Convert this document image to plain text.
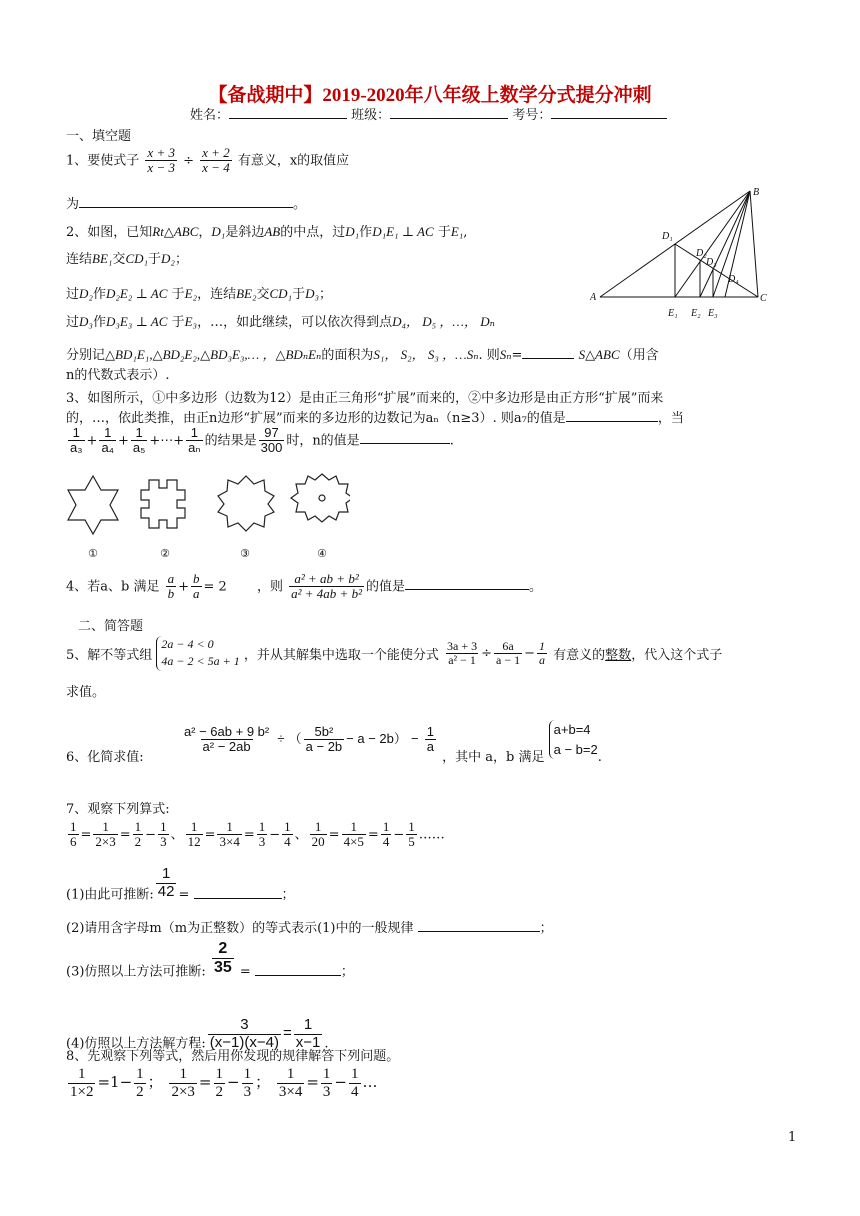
【备战期中】2019-2020年八年级上数学分式提分冲刺
姓名：	班级：	考号：
一、填空题
1、要使式子 $\frac{x + 3}{x - 3} \div \frac{x + 2}{x - 4}$ 有意义，x的取值应
为	。
2、如图，已知Rt△ABC，D₁是斜边AB的中点，过D₁作D₁E₁ ⊥ AC 于E₁,
连结BE₁交CD₁于D₂；
过D₂作D₂E₂ ⊥ AC 于E₂，连结BE₂交CD₁于D₃；
过D₃作D₃E₃ ⊥ AC 于E₃，…，如此继续，可以依次得到点D₄， D₅ ，…， Dₙ
分别记△BD₁E₁,△BD₂E₂,△BD₃E₃,… ，△BDₙEₙ的面积为S₁， S₂， S₃ ，…Sₙ. 则Sₙ=	S△ABC（用含
n的代数式表示）.
B
A	C
D₁
D₂
D₃
D₄
E₁ E₂ E₃
3、如图所示，①中多边形（边数为12）是由正三角形“扩展”而来的，②中多边形是由正方形“扩展”而来
的，…，依此类推，由正n边形“扩展”而来的多边形的边数记为aₙ（n≥3）. 则a₇的值是	，当
$\frac{1}{\text{a₃}} + \frac{1}{\text{a₄}} + \frac{1}{\text{a₅}}$ +⋯+ $\frac{1}{\text{aₙ}}$ 的结果是 $\frac{97}{300}$ 时，n的值是	.
①	②	③	④
4、若a、b 满足 $\frac{a}{b} + \frac{b}{a} = 2$ ，则 $\frac{\text{a² + ab + b²}}{\text{a² + 4ab + b²}}$ 的值是	。
二、简答题
5、解不等式组
2a − 4 < 0
4a − 2 < 5a + 1 ，并从其解集中选取一个能使分式 $\frac{3a + 3}{\text{a² − 1}} \div \frac{6a}{a - 1} - \frac{1}{a}$ 有意义的整数，代入这个式子
求值。
6、化简求值:
$\frac{\text{a² − 6ab + 9 b²}}{\text{a² − 2ab}}$ ÷ （ $\frac{\text{5b²}}{a - 2b} - a - 2b) - \frac{1}{a}$
，其中 a，b 满足
a+b=4
a − b=2
.
7、观察下列算式:
$\frac{1}{6} = \frac{1}{2\times 3} = \frac{1}{2} - \frac{1}{3}$ 、 $\frac{1}{12} = \frac{1}{3\times 4} = \frac{1}{3} - \frac{1}{4}$ 、 $\frac{1}{20} = \frac{1}{4\times 5} = \frac{1}{4} - \frac{1}{5}$ ……
(1)由此可推断: $\frac{1}{42}$ =	；
(2)请用含字母m（m为正整数）的等式表示(1)中的一般规律	；
(3)仿照以上方法可推断: $\frac{2}{35}$ =	；
(4)仿照以上方法解方程: $\frac{3}{(x-1)(x-4)} = \frac{1}{x-1}$ .
8、先观察下列等式，然后用你发现的规律解答下列问题。
$\frac{1}{1\times 2} =1- \frac{1}{2}$ ； $\frac{1}{2\times 3} = \frac{1}{2} - \frac{1}{3}$ ； $\frac{1}{3\times 4} = \frac{1}{3} - \frac{1}{4}$ …
1
